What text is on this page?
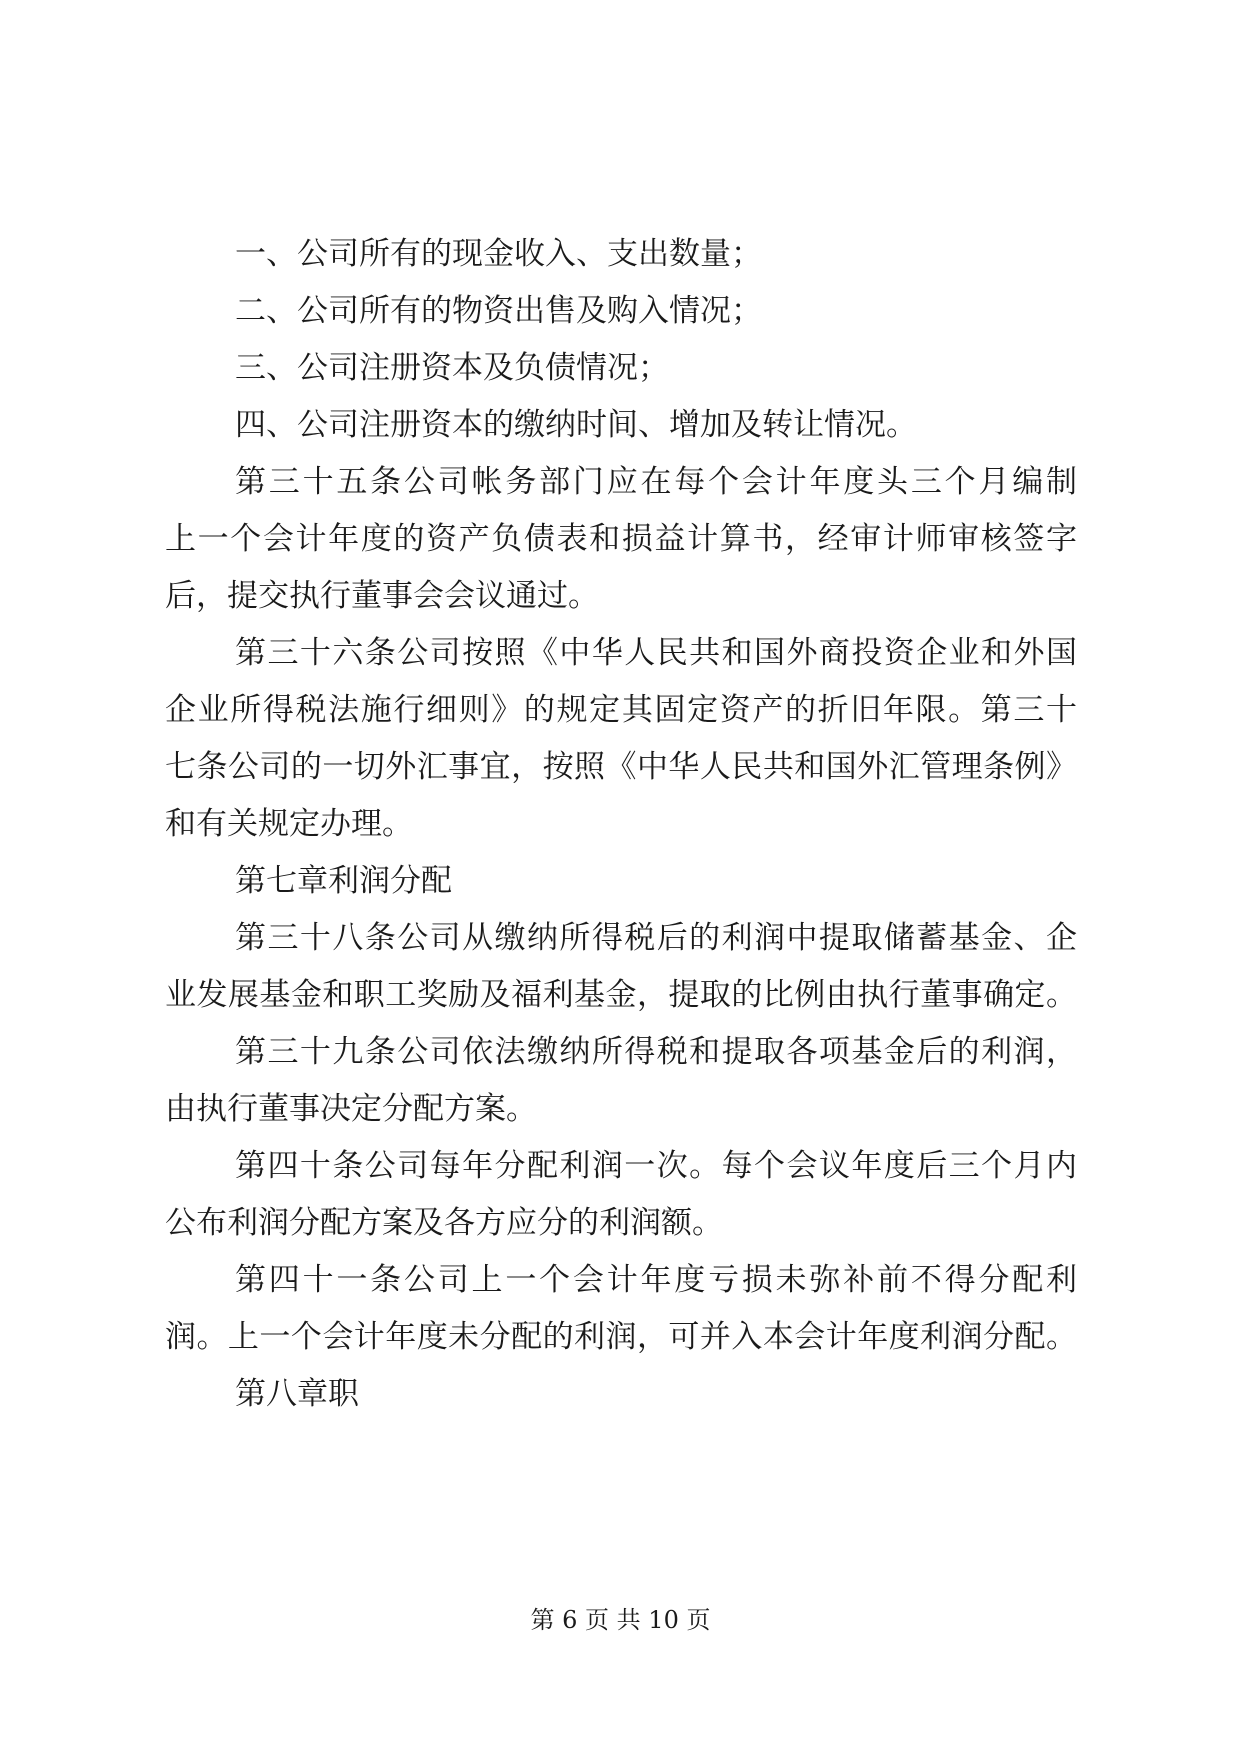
一、公司所有的现金收入、支出数量；
二、公司所有的物资出售及购入情况；
三、公司注册资本及负债情况；
四、公司注册资本的缴纳时间、增加及转让情况。
第三十五条公司帐务部门应在每个会计年度头三个月编制
上一个会计年度的资产负债表和损益计算书，经审计师审核签字
后，提交执行董事会会议通过。
第三十六条公司按照《中华人民共和国外商投资企业和外国
企业所得税法施行细则》的规定其固定资产的折旧年限。第三十
七条公司的一切外汇事宜，按照《中华人民共和国外汇管理条例》
和有关规定办理。
第七章利润分配
第三十八条公司从缴纳所得税后的利润中提取储蓄基金、企
业发展基金和职工奖励及福利基金，提取的比例由执行董事确定。
第三十九条公司依法缴纳所得税和提取各项基金后的利润，
由执行董事决定分配方案。
第四十条公司每年分配利润一次。每个会议年度后三个月内
公布利润分配方案及各方应分的利润额。
第四十一条公司上一个会计年度亏损未弥补前不得分配利
润。上一个会计年度未分配的利润，可并入本会计年度利润分配。
第八章职
第 6 页 共 10 页
